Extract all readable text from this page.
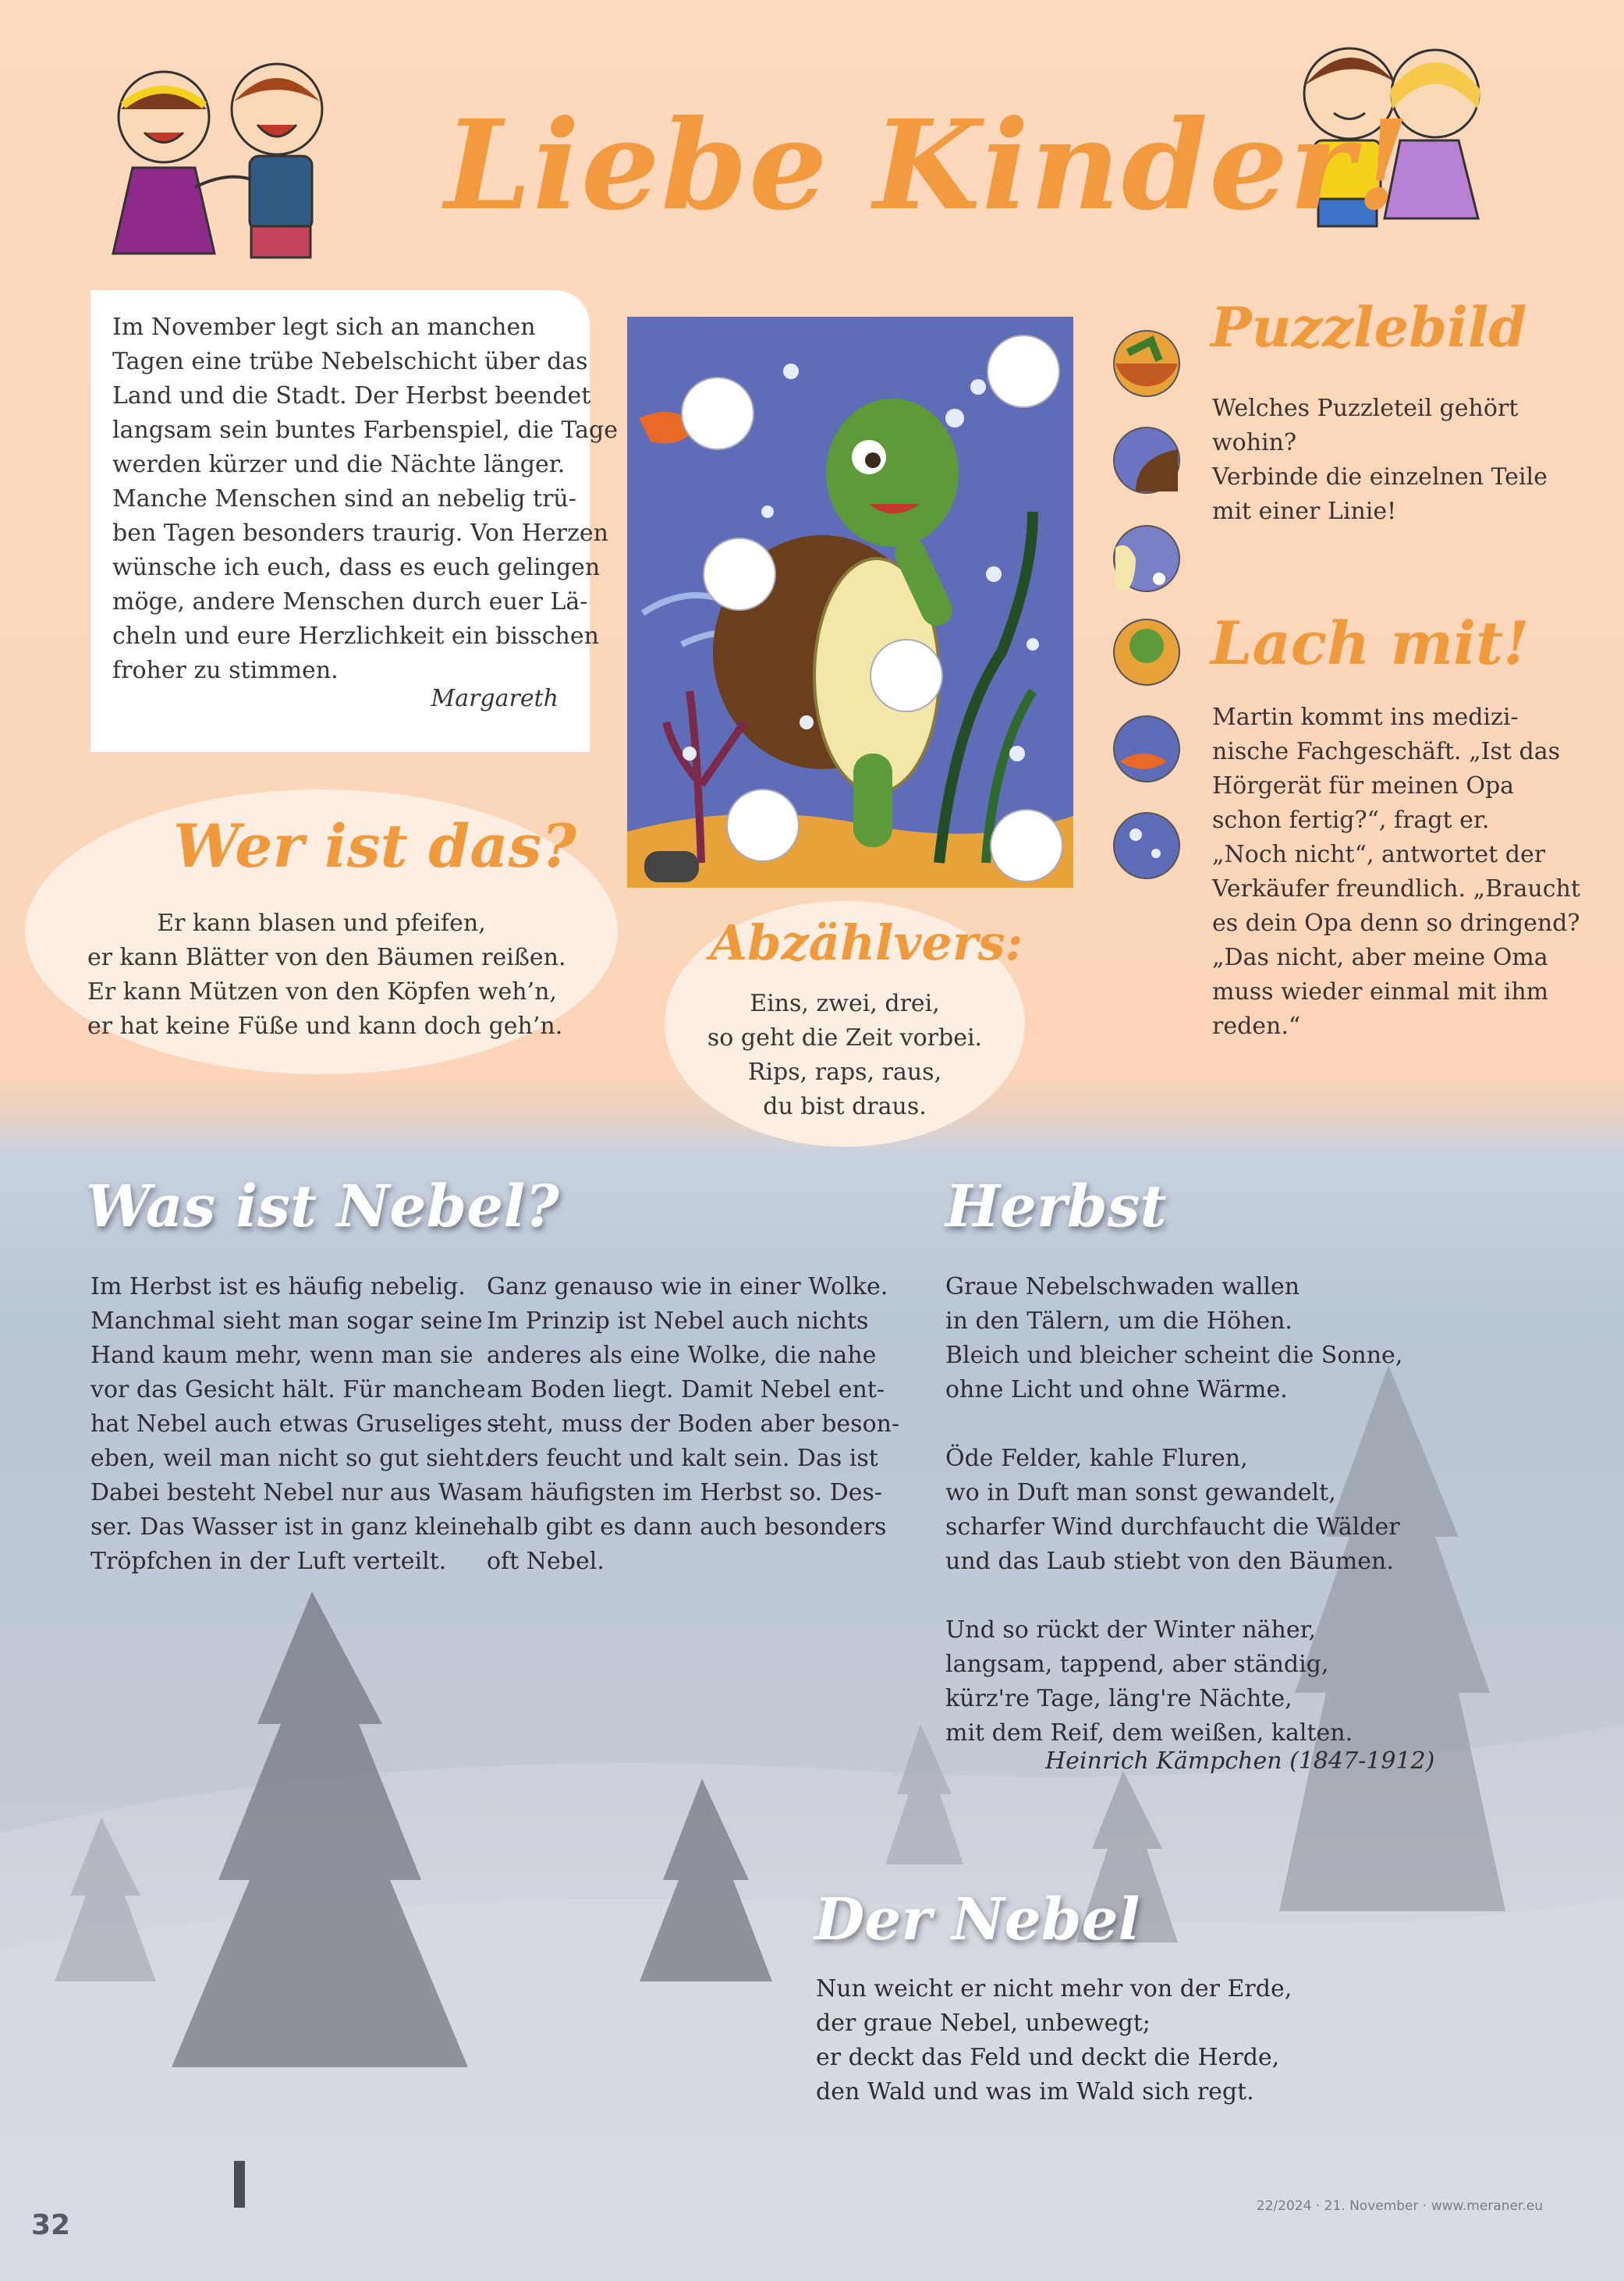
Liebe Kinder!
Im November legt sich an manchen
Tagen eine trübe Nebelschicht über das
Land und die Stadt. Der Herbst beendet
langsam sein buntes Farbenspiel, die Tage
werden kürzer und die Nächte länger.
Manche Menschen sind an nebelig trü-
ben Tagen besonders traurig. Von Herzen
wünsche ich euch, dass es euch gelingen
möge, andere Menschen durch euer Lä-
cheln und eure Herzlichkeit ein bisschen
froher zu stimmen.
Margareth
Wer ist das?
Er kann blasen und pfeifen,
er kann Blätter von den Bäumen reißen.
Er kann Mützen von den Köpfen weh’n,
er hat keine Füße und kann doch geh’n.
Abzählvers:
Eins, zwei, drei,
so geht die Zeit vorbei.
Rips, raps, raus,
du bist draus.
Puzzlebild
Welches Puzzleteil gehört
wohin?
Verbinde die einzelnen Teile
mit einer Linie!
Lach mit!
Martin kommt ins medizi-
nische Fachgeschäft. „Ist das
Hörgerät für meinen Opa
schon fertig?“, fragt er.
„Noch nicht“, antwortet der
Verkäufer freundlich. „Braucht
es dein Opa denn so dringend?
„Das nicht, aber meine Oma
muss wieder einmal mit ihm
reden.“
Was ist Nebel?
Im Herbst ist es häufig nebelig.
Manchmal sieht man sogar seine
Hand kaum mehr, wenn man sie
vor das Gesicht hält. Für manche
hat Nebel auch etwas Gruseliges –
eben, weil man nicht so gut sieht.
Dabei besteht Nebel nur aus Was-
ser. Das Wasser ist in ganz kleinen
Tröpfchen in der Luft verteilt.
Ganz genauso wie in einer Wolke.
Im Prinzip ist Nebel auch nichts
anderes als eine Wolke, die nahe
am Boden liegt. Damit Nebel ent-
steht, muss der Boden aber beson-
ders feucht und kalt sein. Das ist
am häufigsten im Herbst so. Des-
halb gibt es dann auch besonders
oft Nebel.
Herbst
Graue Nebelschwaden wallen
in den Tälern, um die Höhen.
Bleich und bleicher scheint die Sonne,
ohne Licht und ohne Wärme.

Öde Felder, kahle Fluren,
wo in Duft man sonst gewandelt,
scharfer Wind durchfaucht die Wälder
und das Laub stiebt von den Bäumen.

Und so rückt der Winter näher,
langsam, tappend, aber ständig,
kürz're Tage, läng're Nächte,
mit dem Reif, dem weißen, kalten.
Heinrich Kämpchen (1847-1912)
Der Nebel
Nun weicht er nicht mehr von der Erde,
der graue Nebel, unbewegt;
er deckt das Feld und deckt die Herde,
den Wald und was im Wald sich regt.
32
22/2024 · 21. November · www.meraner.eu
